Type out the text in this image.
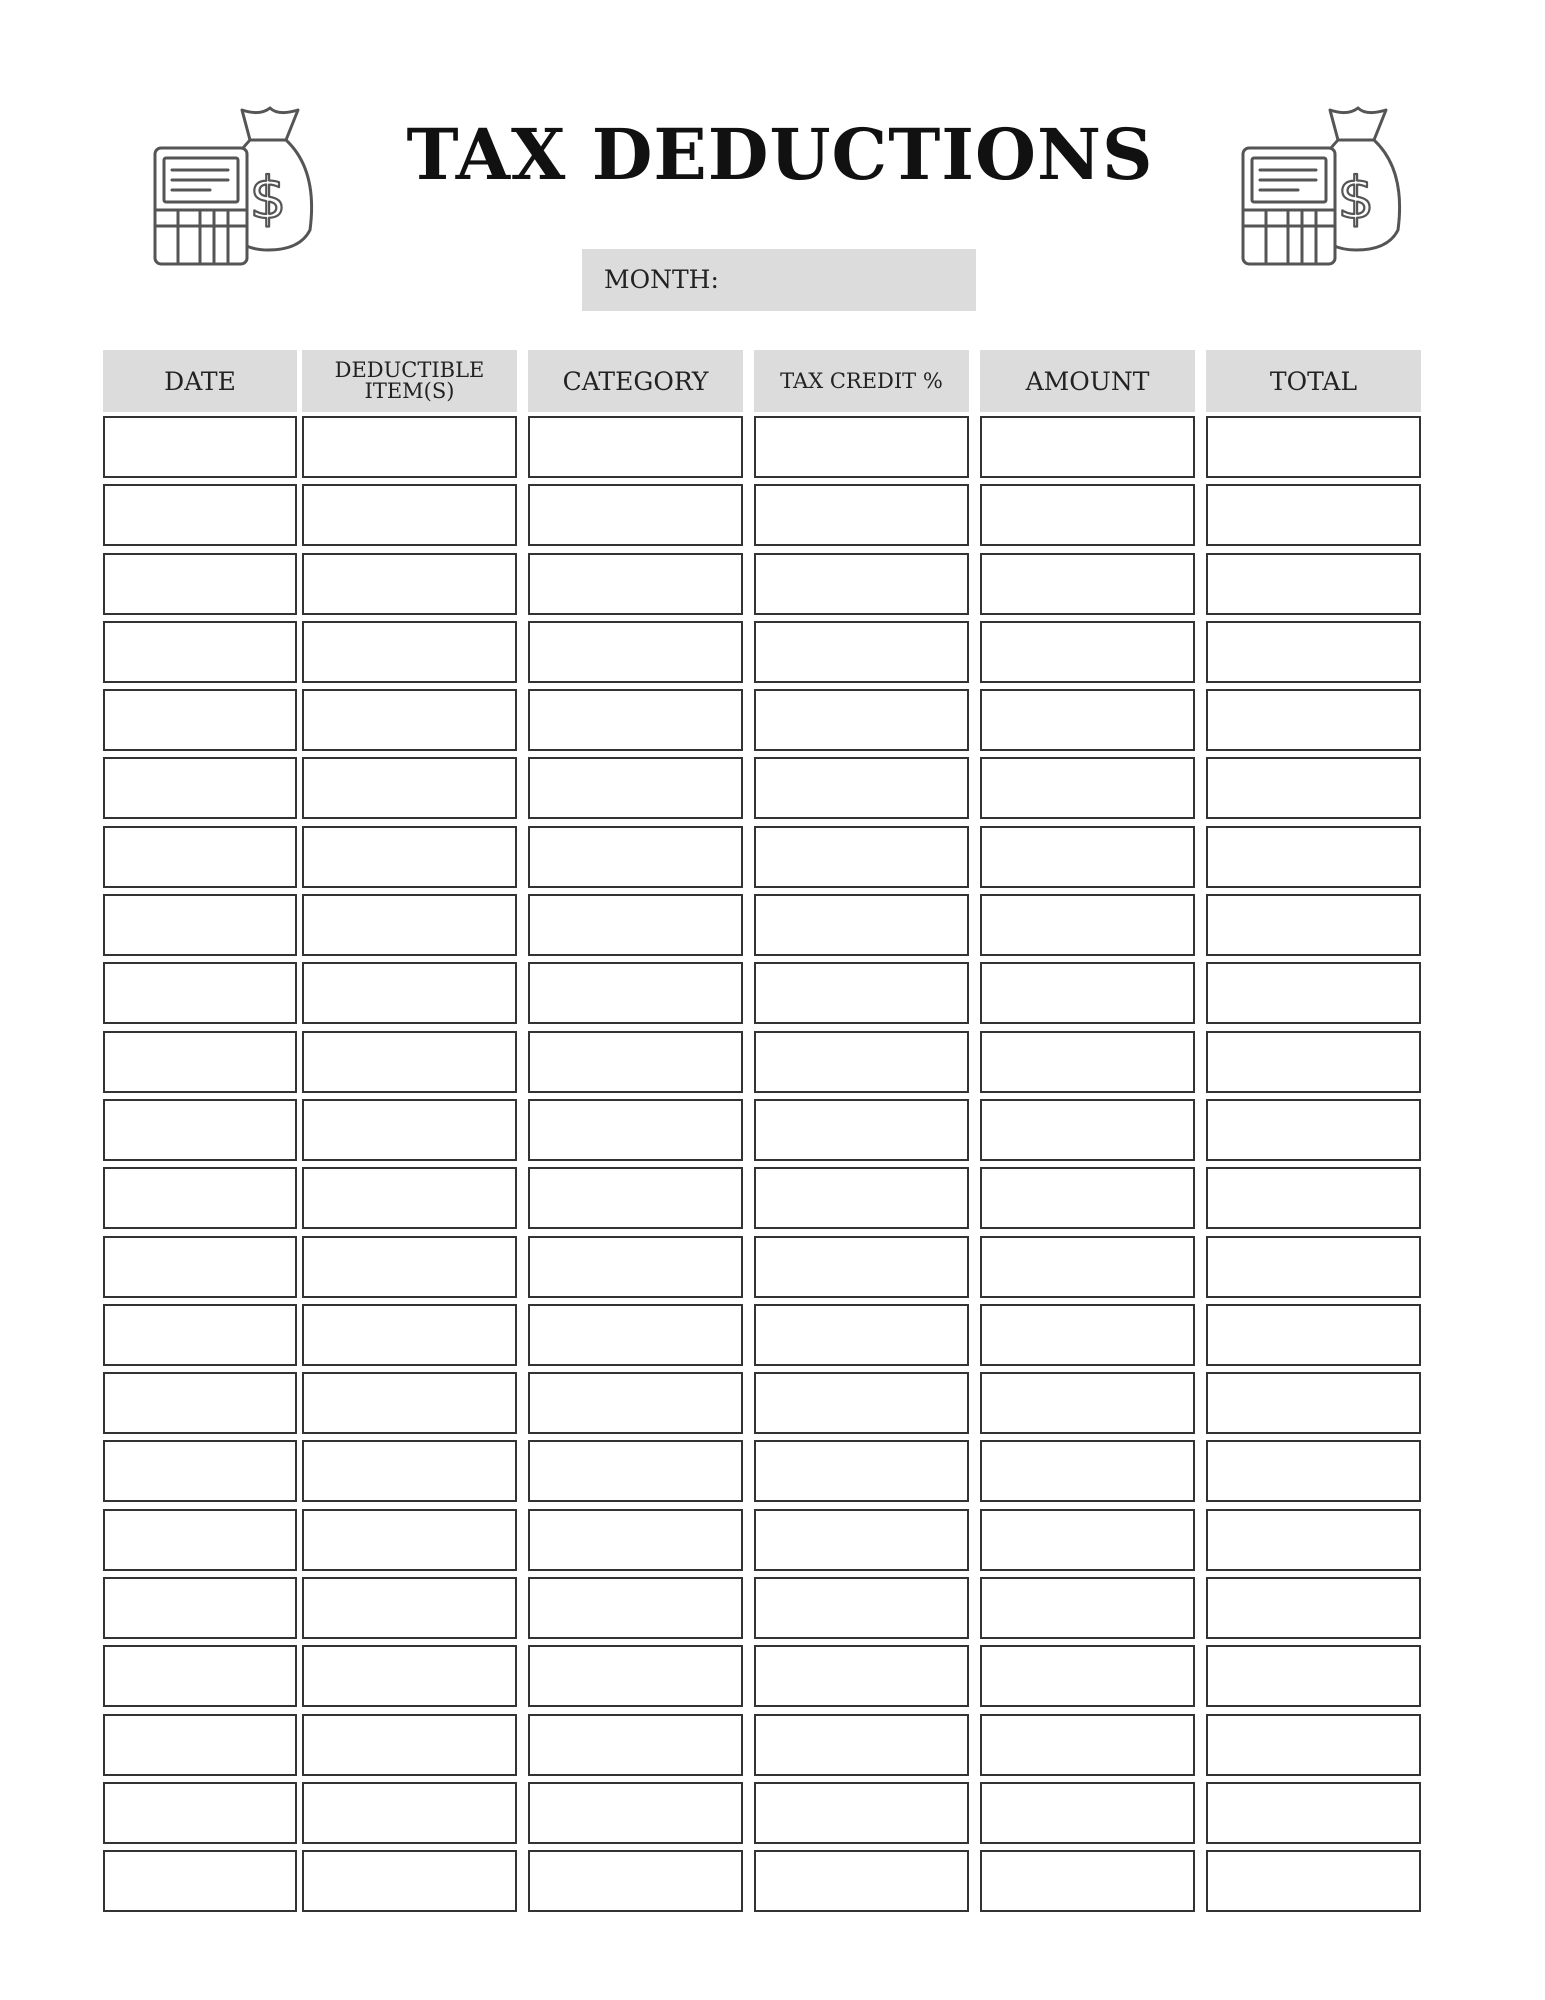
$
TAX DEDUCTIONS
$
MONTH:
DATE	DEDUCTIBLE ITEM(S)	CATEGORY	TAX CREDIT %	AMOUNT	TOTAL
